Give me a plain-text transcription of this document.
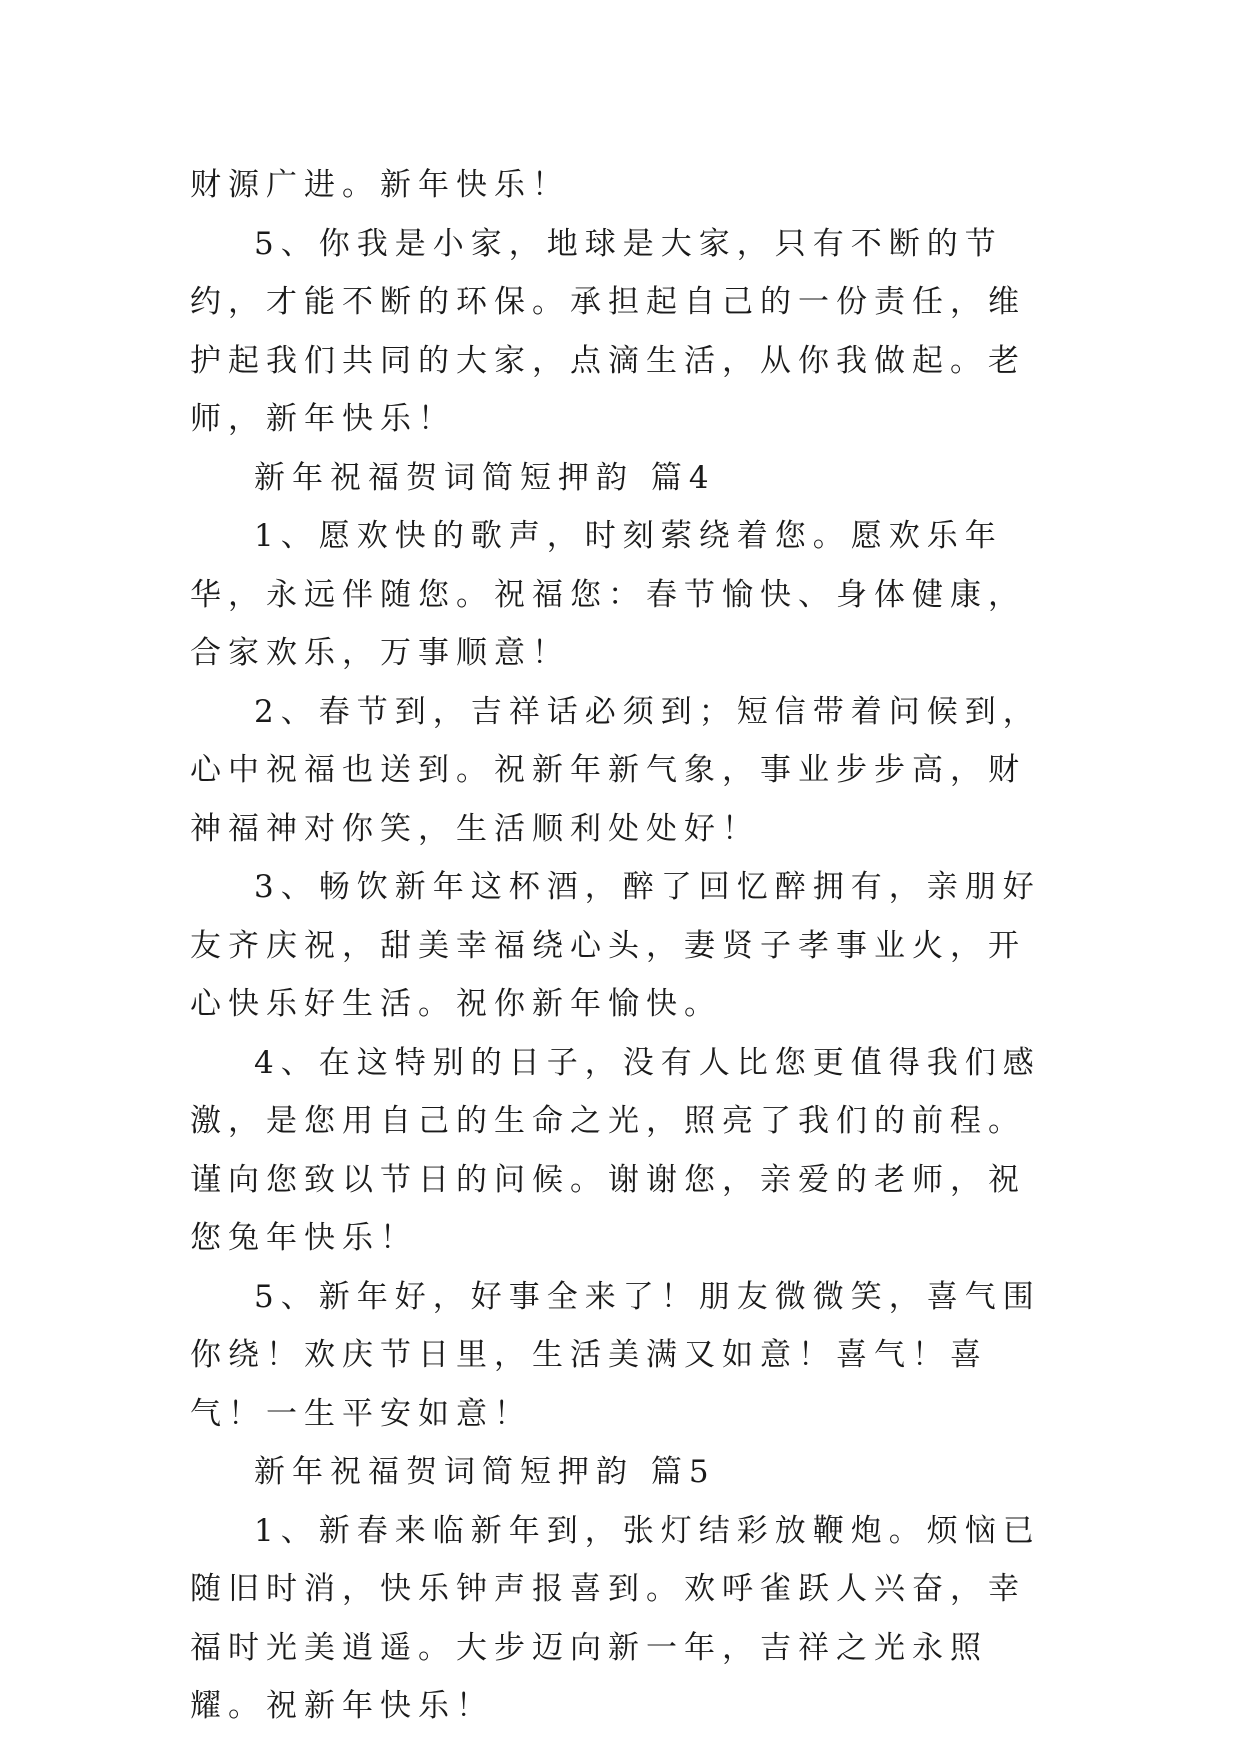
财源广进。新年快乐！

5、你我是小家，地球是大家，只有不断的节约，才能不断的环保。承担起自己的一份责任，维护起我们共同的大家，点滴生活，从你我做起。老师，新年快乐！

新年祝福贺词简短押韵 篇4

1、愿欢快的歌声，时刻萦绕着您。愿欢乐年华，永远伴随您。祝福您：春节愉快、身体健康，合家欢乐，万事顺意！

2、春节到，吉祥话必须到；短信带着问候到，心中祝福也送到。祝新年新气象，事业步步高，财神福神对你笑，生活顺利处处好！

3、畅饮新年这杯酒，醉了回忆醉拥有，亲朋好友齐庆祝，甜美幸福绕心头，妻贤子孝事业火，开心快乐好生活。祝你新年愉快。

4、在这特别的日子，没有人比您更值得我们感激，是您用自己的生命之光，照亮了我们的前程。谨向您致以节日的问候。谢谢您，亲爱的老师，祝您兔年快乐！

5、新年好，好事全来了！朋友微微笑，喜气围你绕！欢庆节日里，生活美满又如意！喜气！喜气！一生平安如意！

新年祝福贺词简短押韵 篇5

1、新春来临新年到，张灯结彩放鞭炮。烦恼已随旧时消，快乐钟声报喜到。欢呼雀跃人兴奋，幸福时光美逍遥。大步迈向新一年，吉祥之光永照耀。祝新年快乐！
